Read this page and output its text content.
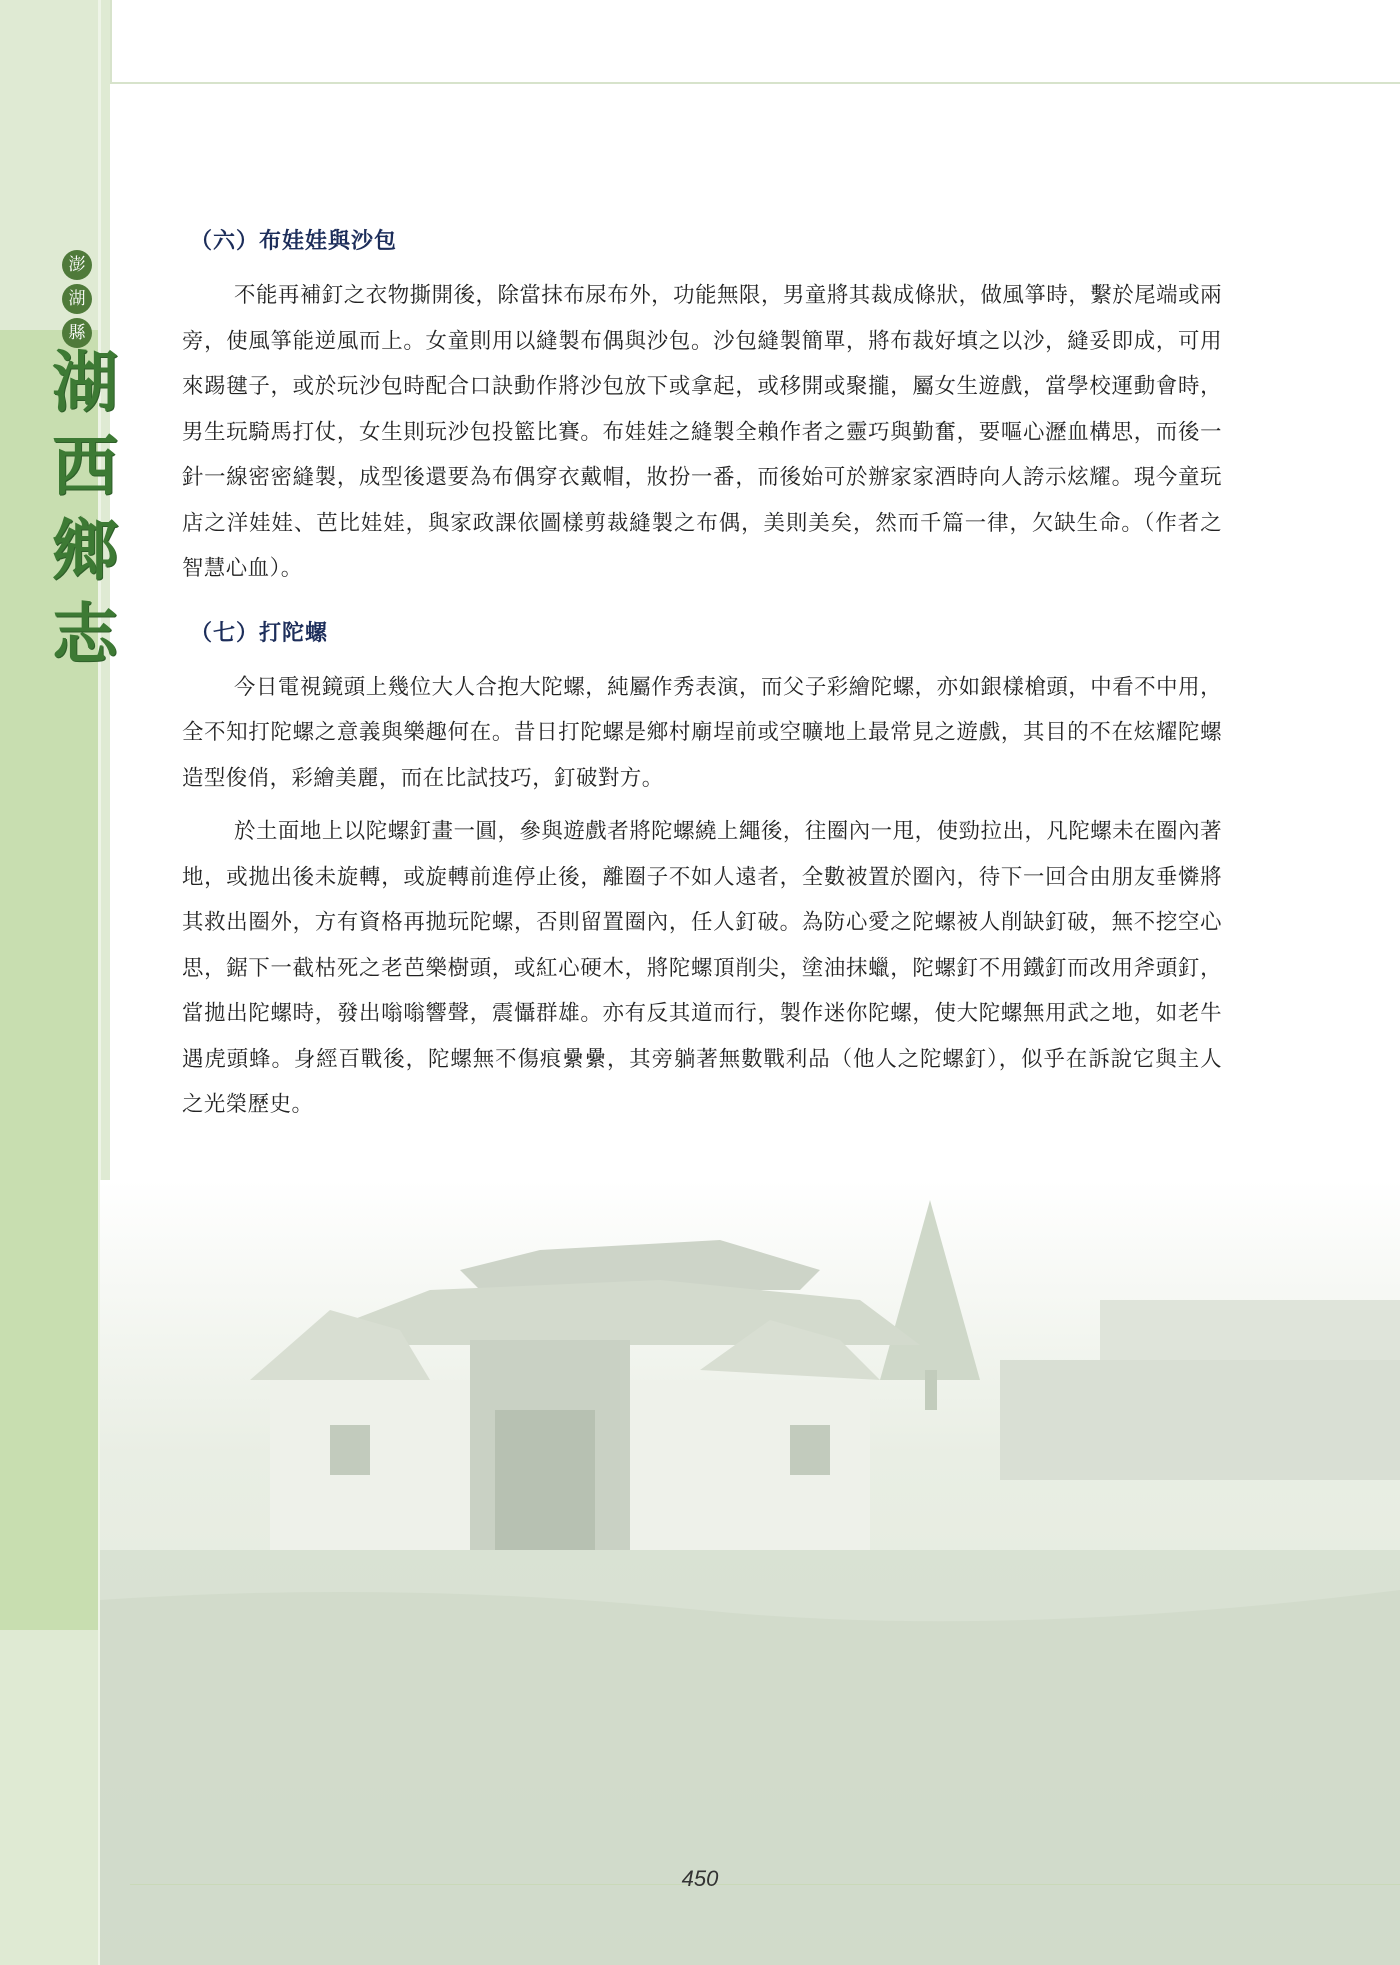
澎
湖
縣
湖
西
鄉
志
（六）布娃娃與沙包

不能再補釘之衣物撕開後，除當抹布尿布外，功能無限，男童將其裁成條狀，做風箏時，繫於尾端或兩旁，使風箏能逆風而上。女童則用以縫製布偶與沙包。沙包縫製簡單，將布裁好填之以沙，縫妥即成，可用來踢毽子，或於玩沙包時配合口訣動作將沙包放下或拿起，或移開或聚攏，屬女生遊戲，當學校運動會時，男生玩騎馬打仗，女生則玩沙包投籃比賽。布娃娃之縫製全賴作者之靈巧與勤奮，要嘔心瀝血構思，而後一針一線密密縫製，成型後還要為布偶穿衣戴帽，妝扮一番，而後始可於辦家家酒時向人誇示炫耀。現今童玩店之洋娃娃、芭比娃娃，與家政課依圖樣剪裁縫製之布偶，美則美矣，然而千篇一律，欠缺生命。（作者之智慧心血）。

（七）打陀螺

今日電視鏡頭上幾位大人合抱大陀螺，純屬作秀表演，而父子彩繪陀螺，亦如銀樣槍頭，中看不中用，全不知打陀螺之意義與樂趣何在。昔日打陀螺是鄉村廟埕前或空曠地上最常見之遊戲，其目的不在炫耀陀螺造型俊俏，彩繪美麗，而在比試技巧，釘破對方。

於土面地上以陀螺釘畫一圓，參與遊戲者將陀螺繞上繩後，往圈內一甩，使勁拉出，凡陀螺未在圈內著地，或拋出後未旋轉，或旋轉前進停止後，離圈子不如人遠者，全數被置於圈內，待下一回合由朋友垂憐將其救出圈外，方有資格再拋玩陀螺，否則留置圈內，任人釘破。為防心愛之陀螺被人削缺釘破，無不挖空心思，鋸下一截枯死之老芭樂樹頭，或紅心硬木，將陀螺頂削尖，塗油抹蠟，陀螺釘不用鐵釘而改用斧頭釘，當拋出陀螺時，發出嗡嗡響聲，震懾群雄。亦有反其道而行，製作迷你陀螺，使大陀螺無用武之地，如老牛遇虎頭蜂。身經百戰後，陀螺無不傷痕纍纍，其旁躺著無數戰利品（他人之陀螺釘），似乎在訴說它與主人之光榮歷史。

450
